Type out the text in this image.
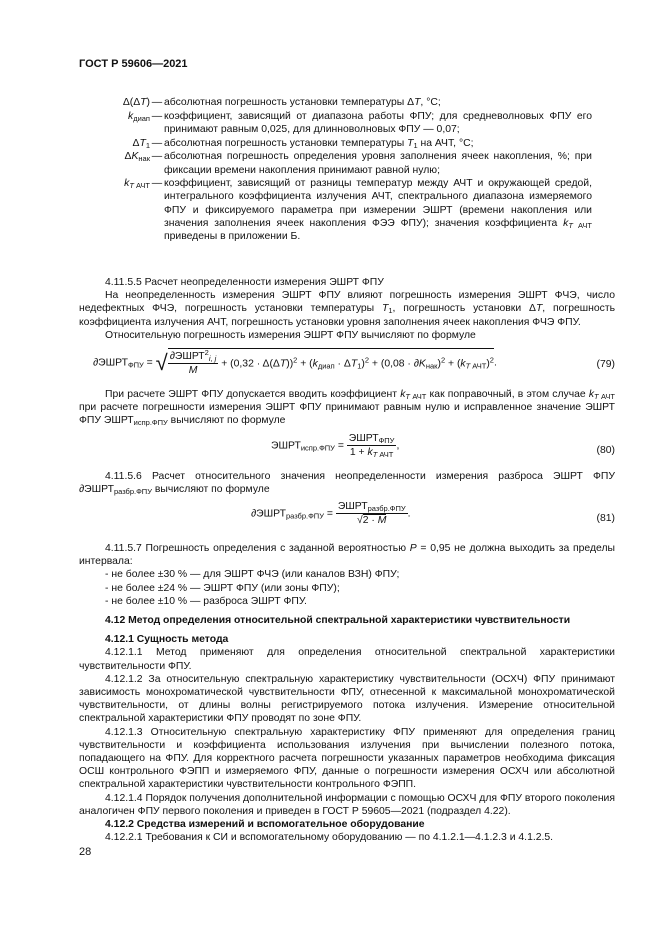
ГОСТ Р 59606—2021
Δ(ΔT) — абсолютная погрешность установки температуры ΔT, °С;
$k_{диап}$ — коэффициент, зависящий от диапазона работы ФПУ; для средневолновых ФПУ его принимают равным 0,025, для длинноволновых ФПУ — 0,07;
$\Delta T_1$ — абсолютная погрешность установки температуры $T_1$ на АЧТ, °С;
$\Delta K_{нак}$ — абсолютная погрешность определения уровня заполнения ячеек накопления, %; при фиксации времени накопления принимают равной нулю;
$k_{T АЧТ}$ — коэффициент, зависящий от разницы температур между АЧТ и окружающей средой, интегрального коэффициента излучения АЧТ, спектрального диапазона измеряемого ФПУ и фиксируемого параметра при измерении ЭШРТ (времени накопления или значения заполнения ячеек накопления ФЭЭ ФПУ); значения коэффициента $k_{T АЧТ}$ приведены в приложении Б.

4.11.5.5 Расчет неопределенности измерения ЭШРТ ФПУ

На неопределенность измерения ЭШРТ ФПУ влияют погрешность измерения ЭШРТ ФЧЭ, число недефектных ФЧЭ, погрешность установки температуры $T_1$, погрешность установки ΔT, погрешность коэффициента излучения АЧТ, погрешность установки уровня заполнения ячеек накопления ФЧЭ ФПУ.

Относительную погрешность измерения ЭШРТ ФПУ вычисляют по формуле

$\partial ЭШРТ_{ФПУ}$ = √ $\frac{\partial ЭШРТ^2_{i, j}}{M} + (0,32 \cdot \Delta(\Delta T))^2 + (k_{диап} \cdot \Delta T_1)^2 + (0,08 \cdot \partial K_{нак})^2 + (k_{T АЧТ})^2$.	(79)

При расчете ЭШРТ ФПУ допускается вводить коэффициент $k_{T АЧТ}$ как поправочный, в этом случае $k_{T АЧТ}$ при расчете погрешности измерения ЭШРТ ФПУ принимают равным нулю и исправленное значение ЭШРТ ФПУ $ЭШРТ_{испр.ФПУ}$ вычисляют по формуле

$ЭШРТ_{испр.ФПУ} = \frac{ЭШРТ_{ФПУ}}{1 + k_{T АЧТ}}$ ,	(80)

4.11.5.6 Расчет относительного значения неопределенности измерения разброса ЭШРТ ФПУ $\partial ЭШРТ_{разбр.ФПУ}$ вычисляют по формуле

$\partial ЭШРТ_{разбр.ФПУ} = \frac{ЭШРТ_{разбр.ФПУ}}{√2 \cdot M}$ .	(81)

4.11.5.7 Погрешность определения с заданной вероятностью P = 0,95 не должна выходить за пределы интервала:

- не более ±30 % — для ЭШРТ ФЧЭ (или каналов ВЗН) ФПУ;

- не более ±24 % — ЭШРТ ФПУ (или зоны ФПУ);

- не более ±10 % — разброса ЭШРТ ФПУ.

4.12 Метод определения относительной спектральной характеристики чувствительности

4.12.1 Сущность метода

4.12.1.1 Метод применяют для определения относительной спектральной характеристики чувствительности ФПУ.

4.12.1.2 За относительную спектральную характеристику чувствительности (ОСХЧ) ФПУ принимают зависимость монохроматической чувствительности ФПУ, отнесенной к максимальной монохроматической чувствительности, от длины волны регистрируемого потока излучения. Измерение относительной спектральной характеристики ФПУ проводят по зоне ФПУ.

4.12.1.3 Относительную спектральную характеристику ФПУ применяют для определения границ чувствительности и коэффициента использования излучения при вычислении полезного потока, попадающего на ФПУ. Для корректного расчета погрешности указанных параметров необходима фиксация ОСШ контрольного ФЭПП и измеряемого ФПУ, данные о погрешности измерения ОСХЧ или абсолютной спектральной характеристики чувствительности контрольного ФЭПП.

4.12.1.4 Порядок получения дополнительной информации с помощью ОСХЧ для ФПУ второго поколения аналогичен ФПУ первого поколения и приведен в ГОСТ Р 59605—2021 (подраздел 4.22).

4.12.2 Средства измерений и вспомогательное оборудование

4.12.2.1 Требования к СИ и вспомогательному оборудованию — по 4.1.2.1—4.1.2.3 и 4.1.2.5.

28
